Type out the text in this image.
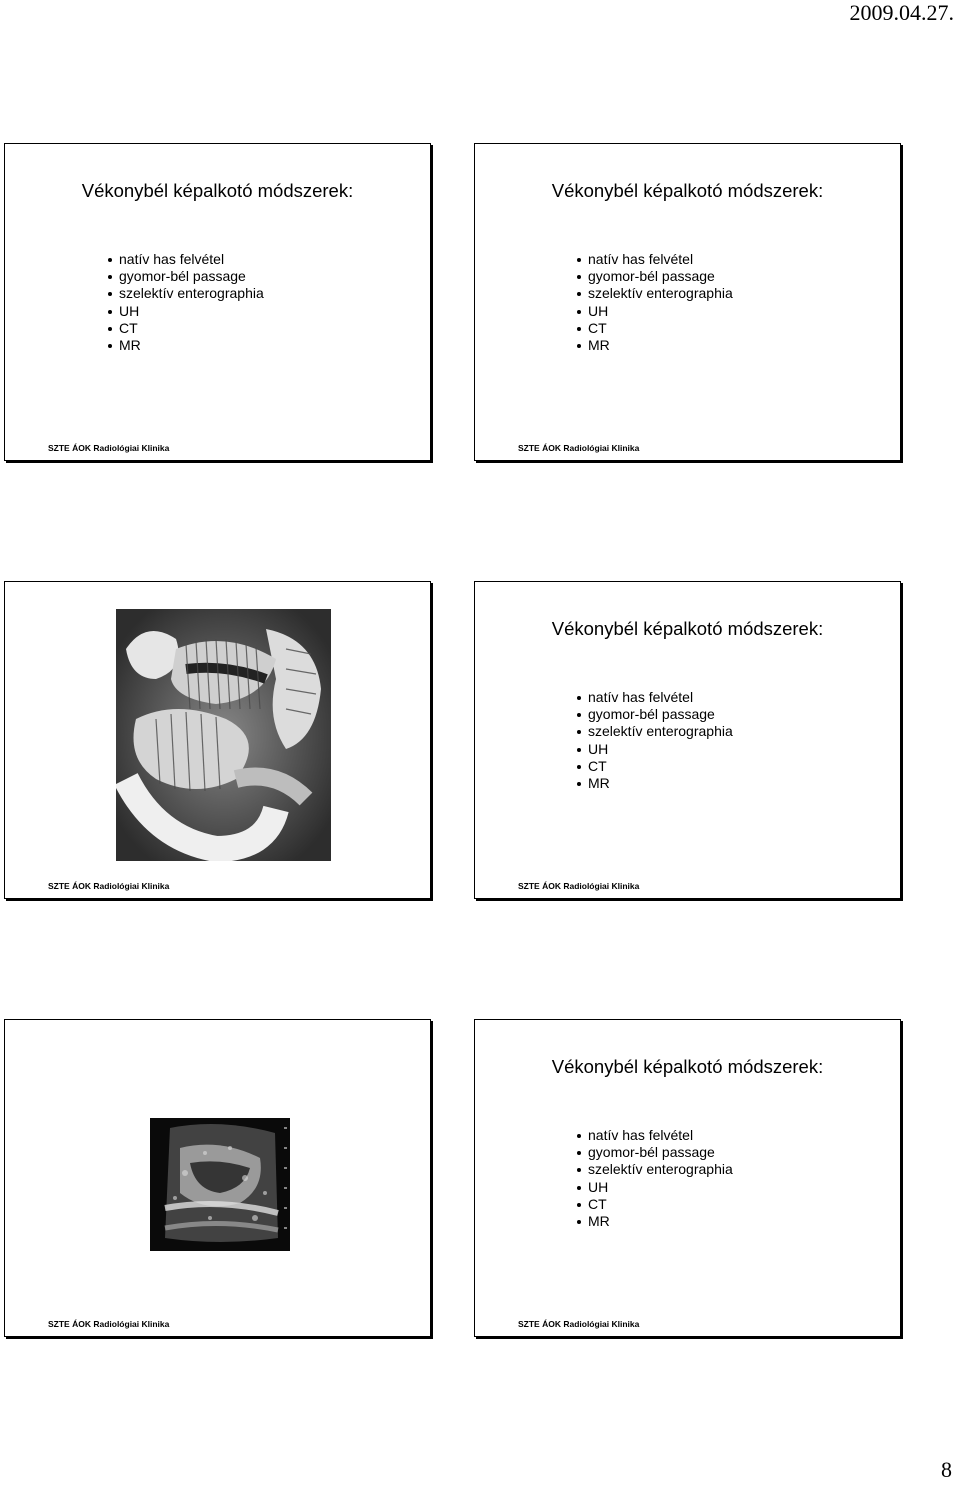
2009.04.27.
Vékonybél képalkotó módszerek:
natív has felvétel
gyomor-bél passage
szelektív enterographia
UH
CT
MR
SZTE ÁOK Radiológiai Klinika
Vékonybél képalkotó módszerek:
natív has felvétel
gyomor-bél passage
szelektív enterographia
UH
CT
MR
SZTE ÁOK Radiológiai Klinika
SZTE ÁOK Radiológiai Klinika
Vékonybél képalkotó módszerek:
natív has felvétel
gyomor-bél passage
szelektív enterographia
UH
CT
MR
SZTE ÁOK Radiológiai Klinika
SZTE ÁOK Radiológiai Klinika
Vékonybél képalkotó módszerek:
natív has felvétel
gyomor-bél passage
szelektív enterographia
UH
CT
MR
SZTE ÁOK Radiológiai Klinika
8
